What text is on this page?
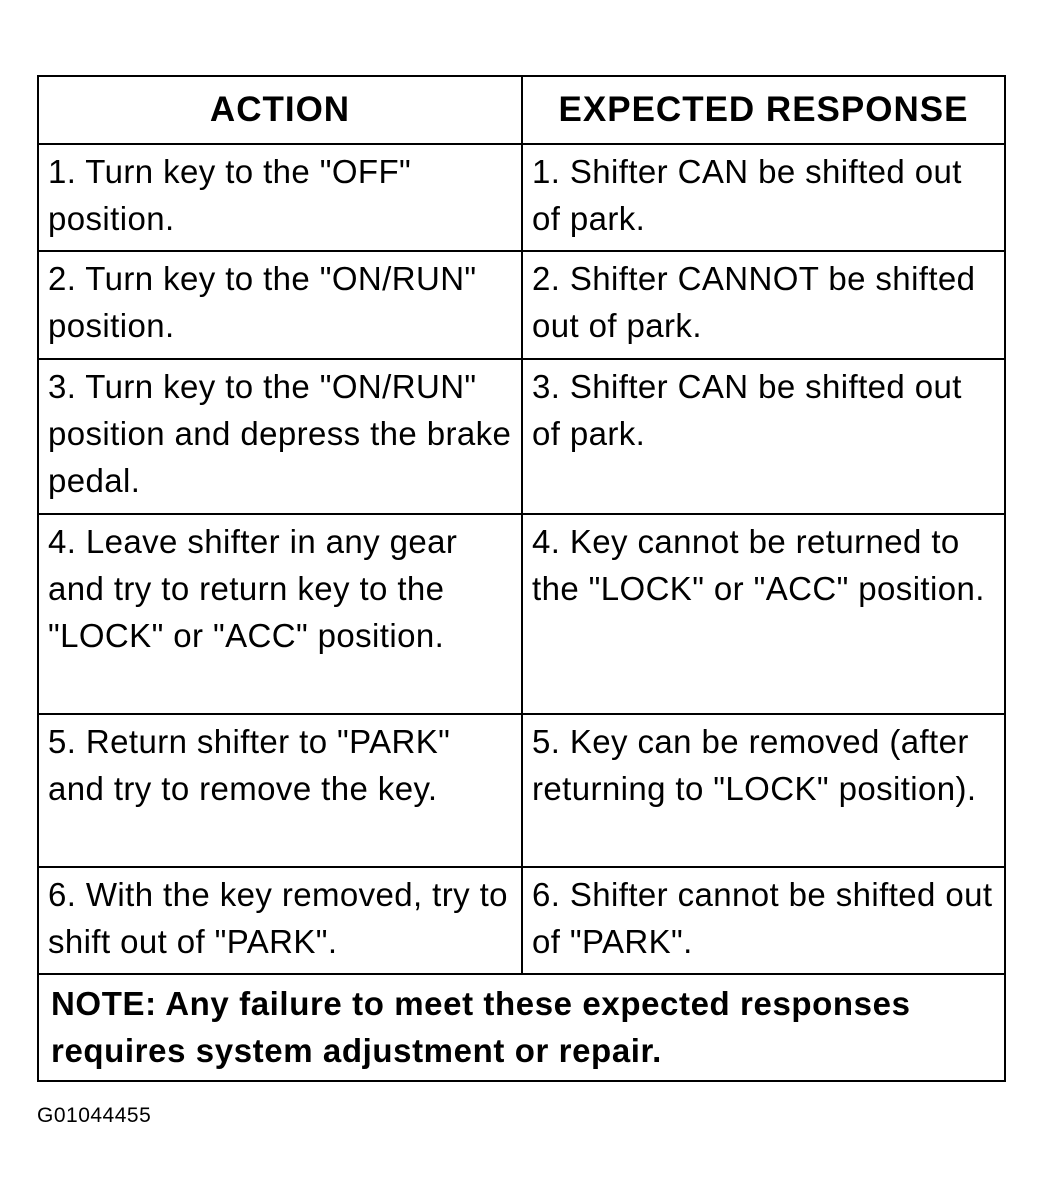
ACTION	EXPECTED RESPONSE
1. Turn key to the "OFF" position.	1. Shifter CAN be shifted out of park.
2. Turn key to the "ON/RUN" position.	2. Shifter CANNOT be shifted out of park.
3. Turn key to the "ON/RUN" position and depress the brake pedal.	3. Shifter CAN be shifted out of park.
4. Leave shifter in any gear and try to return key to the "LOCK" or "ACC" position.	4. Key cannot be returned to the "LOCK" or "ACC" position.
5. Return shifter to "PARK" and try to remove the key.	5. Key can be removed (after returning to "LOCK" position).
6. With the key removed, try to shift out of "PARK".	6. Shifter cannot be shifted out of "PARK".
NOTE: Any failure to meet these expected responses requires system adjustment or repair.
G01044455
